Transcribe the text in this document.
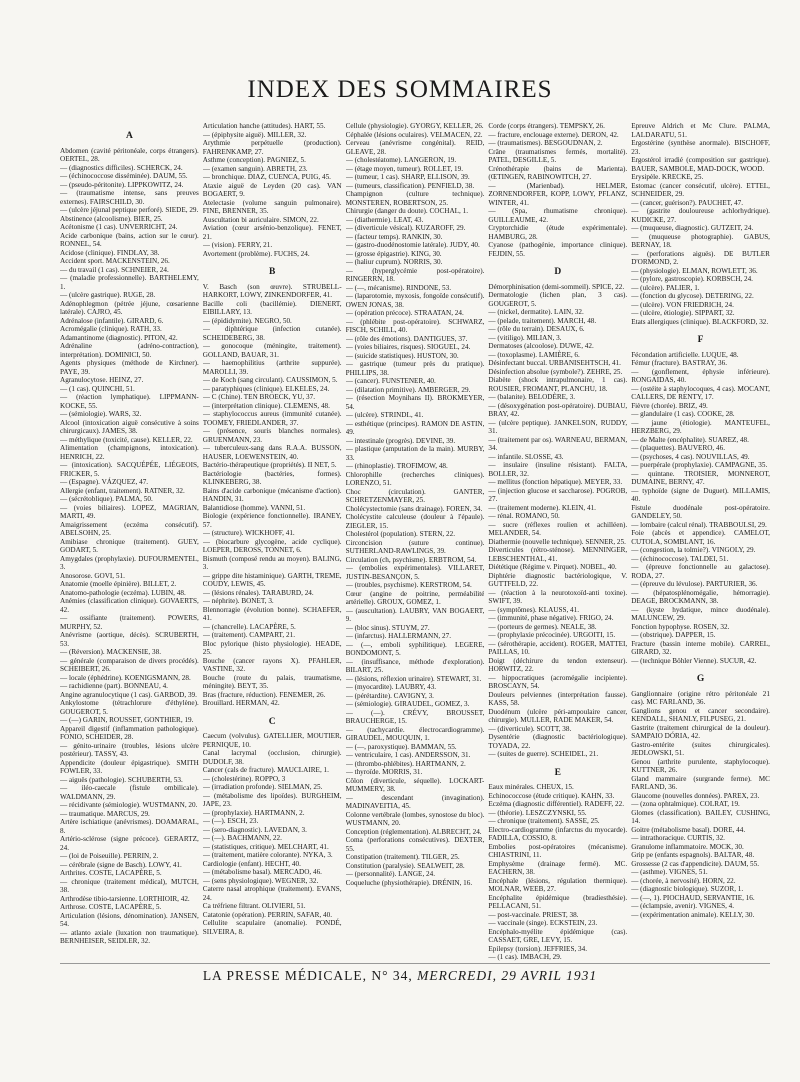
INDEX DES SOMMAIRES
A
Abdomen (cavité péritonéale, corps étrangers). OERTEL, 28.
— (diagnostics difficiles). SCHERCK, 24.
— (échinococcose disséminée). DAUM, 55.
— (pseudo-péritonite). LIPPKOWITZ, 24.
— (traumatisme intense, sans preuves externes). FAIRSCHILD, 30.
— (ulcère jéjunal peptique perforé). SIEDE, 29.
Abstinence (alcoolisme). BIER, 25.
Acétonisme (1 cas). UNVERRICHT, 24.
Acide carbonique (bains, action sur le cœur). RONNEL, 54.
Acidose (clinique). FINDLAY, 38.
Accident sport. MACKENSTEIN, 26.
— du travail (1 cas). SCHNEIER, 24.
— (maladie professionnelle). BARTHELEMY, 1.
— (ulcère gastrique). RUGE, 28.
Adénophlegmon (pétrée jéjune, cœsarienne latérale). CAJRO, 45.
Adrénalose (infantile). GIRARD, 6.
Acromégalie (clinique). RATH, 33.
Adamantinome (diagnostic). PITON, 42.
Adrénaline (adréno-contraction), interprétation). DOMINICI, 50.
Agents physiques (méthode de Kirchner). PAYE, 39.
Agranulocytose. HEINZ, 27.
— (1 cas). QUINCHI, 51.
— (réaction lymphatique). LIPPMANN-KOCKE, 55.
— (sémiologie). WARS, 32.
Alcool (intoxication aiguë consécutive à soins chirurgicaux). JAMES, 38.
— méthylique (toxicité, cause). KELLER, 22.
Alimentation (champignons, intoxication). HENRICH, 22.
— (intoxication). SACQUÉPÉE, LIÉGEOIS, FRICKER, 5.
— (Espagne). VÁZQUEZ, 47.
Allergie (enfant, traitement). RATNER, 32.
— (sécrétoblique). PALMA, 50.
— (voies biliaires). LOPEZ, MAGRIAN, MARTI, 49.
Amaigrissement (eczéma consécutif). ABELSOHN, 25.
Amibiase chronique (traitement). GUEY, GODART, 5.
Amygdales (prophylaxie). DUFOURMENTEL, 3.
Anosorose. GOVI, 51.
Anatomie (moelle épinière). BILLET, 2.
Anatomo-pathologie (eczéma). LUBIN, 48.
Anémies (classification clinique). GOVAERTS, 42.
— ossifiante (traitement). POWERS, MURPHY, 52.
Anévrisme (aortique, décès). SCRUBERTH, 53.
— (Réversion). MACKENSIE, 38.
— générale (comparaison de divers procédés). SCHEIBERT, 26.
— locale (éphédrine). KOENIGSMANN, 28.
— rachidienne (part). BONNEAU, 4.
Angine agranulocytique (1 cas). GARBOD, 39.
Ankylostome (tétrachlorure d'éthylène). GOUGEROT, 5.
— (—) GARIN, ROUSSET, GONTHIER, 19.
Appareil digestif (inflammation pathologique). FONIO, SCHEIDER, 28.
— génito-urinaire (troubles, lésions ulcère postérieur). TASSY, 43.
Appendicite (douleur épigastrique). SMITH FOWLER, 33.
— aiguës (pathologie). SCHUBERTH, 53.
— iléo-caecale (fistule ombilicale). WALDMANN, 29.
— récidivante (sémiologie). WUSTMANN, 20.
— traumatique. MARCUS, 29.
Artère ischiatique (anévrismes). DOAMARAL, 8.
Artério-sclérose (signe précoce). GERARTZ, 24.
— (loi de Poiseuille). PERRIN, 2.
— cérébrale (signe de Basch). LOWY, 41.
Arthrites. COSTE, LACAPÈRE, 5.
— chronique (traitement médical), MUTCH, 38.
Arthrodèse tibio-tarsienne. LORTHIOIR, 42.
Arthrose. COSTE, LACAPÈRE, 5.
Articulation (lésions, dénomination). JANSEN, 54.
— atlanto axiale (luxation non traumatique). BERNHEISER, SEIDLER, 32.
Articulation hanche (attitudes). HART, 55.
— (épiphysite aiguë). MILLER, 32.
Arythmie perpétuelle (production). FAHRENKAMP, 27.
Asthme (conception). PAGNIEZ, 5.
— (examen sanguin). ABRETH, 23.
— bronchique. DIAZ, CUENCA, PUIG, 45.
Ataxie aiguë de Leyden (20 cas). VAN BOGAERT, 9.
Atelectasie (volume sanguin pulmonaire). FINE, BRENNER, 35.
Auscultation bi auriculaire. SIMON, 22.
Aviation (cœur arsénio-benzolique). FENET, 21.
— (vision). FERRY, 21.
Avortement (problème). FUCHS, 24.
B
V. Basch (son œuvre). STRUBELL-HARKORT, LOWY, ZINKENDORFER, 41.
Bacille coli (bacillémie). DIENERT, EIBILLARY, 13.
— (épididymite). NEGRO, 50.
— diphtérique (infection cutanée). SCHEIDEBERG, 38.
— gonocoque (méningite, traitement). GOLLAND, BAUAR, 31.
— haemophilitius (arthrite suppurée). MAROLLI, 39.
— de Koch (sang circulant). CAUSSIMON, 5.
— paratyphiques (clinique). ELKELES, 24.
— C (Chine). TEN BROECK, YU, 37.
— (interprétation clinique). CLEMENS, 48.
— staphylococcus aureus (immunité cutanée). TOOMEY, FRIEDLANDER, 37.
— (présence, souris blanches normales). GRUENMANN, 23.
— tuberculeux-sang dans R.A.A. BUSSON, HAUSER, LOEWENSTEIN, 40.
Bactério-thérapeutique (propriétés). II NET, 5.
Bactériologie (bactéries, formes). KLINKEBERG, 38.
Bains d'acide carbonique (mécanisme d'action). HANDIN, 31.
Balantidiose (homme). VANNI, 51.
Biologie (expérience fonctionnelle). IRANEY, 57.
— (structure). WICKHOFF, 41.
— (biocarbure glycogène, acide cyclique). LOEPER, DEROSS, TONNET, 6.
Bismuth (composé rendu au moyen). BALING, 3.
— grippe dite histaminique). GARTH, TREME, COUDY, LEWIS, 45.
— (lésions rénales). TARABURD, 24.
— néphrite). BONET, 3.
Blennorragie (évolution bonne). SCHAEFER, 41.
— (chancrelle). LACAPÈRE, 5.
— (traitement). CAMPART, 21.
Bloc pylorique (histo physiologie). HEADE, 25.
Bouche (cancer rayons X). PFAHLER, VASTINE, 32.
Bouche (route du palais, traumatisme, méningite). BEYT, 35.
Bras (fracture, réduction). FENEMER, 26.
Brouillard. HERMAN, 42.
C
Caecum (volvulus). GATELLIER, MOUTIER, PERNIQUE, 10.
Canal lacrymal (occlusion, chirurgie). DUDOLF, 38.
Cancer (cals de fracture). MAUCLAIRE, 1.
— (cholestérine). ROPPO, 3
— (irradiation profonde). SIELMAN, 25.
— (métabolisme des lipoïdes). BURGHEIM, JAPE, 23.
— (prophylaxie). HARTMANN, 2.
— (—). ESCH, 23.
— (sero-diagnostic). LAVEDAN, 3.
— (—). BACHMANN, 22.
— (statistiques, critique). MELCHART, 41.
— (traitement, matière colorante). NYKA, 3.
Cardiologie (enfant). HECHT, 40.
— (métabolisme basal). MERCADO, 46.
— (sens physiologique). WEGNER, 32.
Caterre nasal atrophique (traitement). EVANS, 24.
Ca tréfriene filtrant. OLIVIERI, 51.
Catatonie (opération). PERRIN, SAFAR, 40.
Cellulite scapulaire (anomalie). PONDÉ, SILVEIRA, 8.
Cellule (physiologie). GYORGY, KELLER, 26.
Céphalée (lésions oculaires). VELMACEN, 22.
Cerveau (anévrisme congénital). REID, GLEAVE, 28.
— (cholestéatome). LANGERON, 19.
— (étage moyen, tumeur). ROLLET, 19.
— (tumeur, 1 cas). SHARP, ELLISON, 39.
— (tumeurs, classification). PENFIELD, 38.
Champignon (culture technique). MONSTEREN, ROBERTSON, 25.
Chirurgie (danger du doute). COCHAL, 1.
— (diathermie). LEAT, 43.
— (diverticule vésical). KUZAROFF, 29.
— (facteur temps). RANKIN, 30.
— (gastro-duodénostomie latérale). JUDY, 40.
— (grosse épigastrie). KING, 30.
— (haliur cuprum). NORRIS, 30.
— (hyperglycémie post-opératoire). RINGERRN, 18.
— (—, mécanisme). RINDONE, 53.
— (laparotomie, myxosis, fongoïde consécutif). OWEN JONAS, 38.
— (opération précoce). STRAATAN, 24.
— (phlébite post-opératoire). SCHWARZ, FISCH, SCHILL, 40.
— (rôle des émotions). DANTIGUES, 37.
— (voies biliaires, risques). SIOGUEL, 24.
— (suicide statistiques). HUSTON, 30.
— gastrique (tumeur près du pratique). PHILLIPS, 38.
— (cancer). FUNSTENER, 40.
— (dilatation primitive). AMBERGER, 29.
— (résection Moynihans II). BROKMEYER, 54.
— (ulcère). STRINDL, 41.
— esthétique (principes). RAMON DE ASTIN, 49.
— intestinale (progrès). DEVINE, 39.
— plastique (amputation de la main). MURBY, 33.
— (rhinoplastie). TROFIMOW, 48.
Chlorophille (recherches cliniques). LORENZO, 51.
Choc (circulation). GANTER, SCHRETZENMAYER, 25.
Cholécystectomie (sans drainage). FOREN, 34.
Cholécystite calculeuse (douleur à l'épaule). ZIEGLER, 15.
Cholestérol (population). STERN, 22.
Circoncision (suture continue). SUTHERLAND-RAWLINGS, 39.
Circulation (ch, psychisme). ERBTROM, 54.
— (embolies expérimentales). VILLARET, JUSTIN-BESANÇON, 5.
— (troubles, psychisme). KERSTROM, 54.
Cœur (angine de poitrine, perméabilité artérielle). GROUX, GOMEZ, 1.
— (auscultation). LAUBRY, VAN BOGAERT, 9.
— (bloc sinus). STUYM, 27.
— (infarctus). HALLERMANN, 27.
— (—, emboli syphilitique). LEGERE, BONDOMONT, 5.
— (insuffisance, méthode d'exploration). BILART, 25.
— (lésions, réflexion urinaire). STEWART, 31.
— (myocardite). LAUBRY, 43.
— (pérétardite). CAVIGNY, 3.
— (sémiologie). GIRAUDEL, GOMEZ, 3.
— (—). CRÉVY, BROUSSET, BRAUCHERGE, 15.
— (tachycardie. électrocardiogramme). GIRAUDEL, MOUQUIN, 1.
— (—, paroxystique). BAMMAN, 55.
— ventriculaire, 1 cas). ANDERSSON, 31.
— (thrombo-phlébites). HARTMANN, 2.
— thyroïde. MORRIS, 31.
Côlon (diverticule, séquelle). LOCKART-MUMMERY, 38.
— descendant (invagination). MADINAVEITIA, 45.
Colonne vertébrale (lombes, synostose du bloc). WUSTMANN, 20.
Conception (réglementation). ALBRECHT, 24.
Coma (perforations consécutives). DEXTER, 55.
Constipation (traitement). TILGER, 25.
Constitution (paralysie). SEALWEIT, 28.
— (personnalité). LANGE, 24.
Coqueluche (physiothérapie). DRÉNIN, 16.
Corde (corps étrangers). TEMPSKY, 26.
— fracture, enclouage externe). DERON, 42.
— (traumatismes). BESGOUDNAN, 2.
Crâne (traumatismes fermés, mortalité). PATEL, DESGILLE, 5.
Crénothérapie (bains de Marienta). (ŒTINGEN, RABINOWITCH, 27.
— (Marienbad). HELMER, ZORNENDORFER, KOPP, LOWY, PFLANZ, WINTER, 41.
— (Spa, rhumatisme chronique). GUILLEAUME, 42.
Cryptorchidie (étude expérimentale). HAMBURG, 28.
Cyanose (pathogénie, importance clinique). FEJDIN, 55.
D
Démorphinisation (demi-sommeil). SPICE, 22.
Dermatologie (lichen plan, 3 cas). GOUGEROT, 5.
— (nickel, dermatite). LAIN, 32.
— (pelade, traitement). MARCH, 48.
— (rôle du terrain). DESAUX, 6.
— (vitiligo). MILIAN, 3.
Dermatoses (alcoolose). DUWE, 42.
— (toxoplasme). LAMIÈRE, 6.
Désinfectant buccal. URBANISEHTSCH, 41.
Désinfection absolue (symbole?). ZEHRE, 25.
Diabète (shock intrapulmonaire, 1 cas). ROUSIER, FROMANT, PLANCHU, 18.
— (balanite). BELODÈRE, 3.
— (désoxygénation post-opératoire). DUBIAU, BRAY, 42.
— (ulcère peptique). JANKELSON, RUDDY, 31.
— (traitement par os). WARNEAU, BERMAN, 34.
— infantile. SLOSSE, 43.
— insulaire (insuline résistant). FALTA, BOLLER, 32.
— mellitus (fonction hépatique). MEYER, 33.
— (injection glucose et saccharose). POGROB, 27.
— (traitement moderne). KLEIN, 41.
— rénal. ROMANO, 50.
— sucre (réflexes roulien et achilléen). MELANDER, 54.
Diathermie (nouvelle technique). SENNER, 25.
Diverticules (rétro-sténose). MENNINGER, LEBSCHENTHAL, 41.
Diététique (Régime v. Pirquet). NOBEL, 40.
Diphtérie diagnostic bactériologique, V. GUTTFELD, 22.
— (réaction à la neurotoxoïd-anti toxine). SWIFT, 39.
— (symptômes). KLAUSS, 41.
— (immunité, phase négative). FRIGO, 24.
— (porteurs de germes). NEALE, 38.
— (prophylaxie précocinée). URGOITI, 15.
— (sérothérapie, accident). ROGER, MATTEI, PAILLAS, 10.
Doigt (déchirure du tendon extenseur). HORWITZ, 22.
— hippocratiques (acromégalie incipiente). BROSCAYN, 54.
Douleurs pelviennes (interprétation fausse). KASS, 58.
Duodénum (ulcère péri-ampoulaire cancer, chirurgie). MULLER, RADE MAKER, 54.
— (diverticule). SCOTT, 38.
Dysentérie (diagnostic bactériologique). TOYADA, 22.
— (suites de guerre). SCHEIDEL, 21.
E
Eaux minérales. CHEUX, 15.
Echinococcose (étude critique). KAHN, 33.
Eczéma (diagnostic différentiel). RADEFF, 22.
— (théorie). LESZCZYNSKI, 55.
— chronique (traitement). SASSE, 25.
Electro-cardiogramme (infarctus du myocarde). FADILLA, COSSIO, 8.
Embolies post-opératoires (mécanisme). CHIASTRINI, 11.
Emphysème (drainage fermé). MC. EACHERN, 38.
Encéphale (lésions, régulation thermique). MOLNAR, WEEB, 27.
Encéphalite épidémique (bradiesthésie). PELLACANI, 51.
— post-vaccinale. PRIEST, 38.
— vaccinale (singe). ECKSTEIN, 23.
Encéphalo-myélite épidémique (cas). CASSAET, GRE, LEVY, 15.
Epilepsy (torsion). JEFFRIES, 34.
— (1 cas). IMBACH, 29.
Epreuve Aldrich et Mc Clure. PALMA, LALDARATU, 51.
Ergostérine (synthèse anormale). BISCHOFF, 23.
Ergostérol irradié (composition sur gastrique). BAUER, SAMBOLE, MAD-DOCK, WOOD.
Erysipèle. KRECKE, 25.
Estomac (cancer consécutif, ulcère). ETTEL, SCHNEIDER, 29.
— (cancer, guérison?). PAUCHET, 47.
— (gastrite douloureuse achlorhydrique). KUDICKE, 27.
— (muqueuse, diagnostic). GUTZEIT, 24.
— (muqueuse photographie). GABUS, BERNAY, 18.
— (perforations aiguës). DE BUTLER D'ORMOND, 2.
— (physiologie). ELMAN, ROWLETT, 36.
— (pylore, gastroscopie). KORBSCH, 24.
— (ulcère). PALIER, 1.
— (fonction du glycose). DETERING, 22.
— (ulcère). VON FRIEDRICH, 24.
— (ulcère, étiologie). SIPPART, 32.
Etats allergiques (clinique). BLACKFORD, 32.
F
Fécondation artificielle. LUQUE, 48.
Fémur (fracture). BASTRAY, 36.
— (gonflement, éphysie inférieure). RONGAIDAS, 40.
— (ostéite à staphylocoques, 4 cas). MOCANT, CALLERS, DE RENTY, 17.
Fièvre (chorée). BRIZ, 49.
— glandulaire (1 cas). COOKE, 28.
— jaune (étiologie). MANTEUFEL, HERZBERG, 29.
— de Malte (encéphalite). SUAREZ, 48.
— (plaquettes). BAUVERO, 46.
— (psychoses, 4 cas). NOUVILLAS, 49.
— puerpérale (prophylaxie). CAMPAGNE, 35.
— quintane. TROISIER, MONNEROT, DUMAINE, BERNY, 47.
— typhoïde (signe de Duguet). MILLAMIS, 40.
Fistule duodénale post-opératoire. GANDELEY, 50.
— lombaire (calcul rénal). TRABBOULSI, 29.
Foie (abcès et appendice). CAMELOT, CUTOLA, SOMBLANT, 16.
— (congestion, la tolmie?). VINGOLY, 29.
— (échinococcose). TALDEI, 51.
— (épreuve fonctionnelle au galactose). RODA, 27.
— (épreuve du lévulose). PARTURIER, 36.
— (hépatosplénomégalie, hémorragie). DEAGE, BROCKMANN, 38.
— (kyste hydatique, mince duodénale). MALUNCEW, 29.
Fonction hypophyse. ROSEN, 32.
— (obstrique). DAPPER, 15.
Fracture (bassin interne mobile). CARREL, GIRARD, 32.
— (technique Böhler Vienne). SUCUR, 42.
G
Ganglionnaire (origine rétro péritonéale 21 cas). MC FARLAND, 36.
Ganglions genou et cancer secondaire). KENDALL, SHANLY, FILPUSEG, 21.
Gastrite (traitement chirurgical de la douleur). SAMPAIO DÓRIA, 42.
Gastro-entérite (suites chirurgicales). JEDLOWSKI, 51.
Genou (arthrite purulente, staphylocoque). KUTTNER, 26.
Gland mammaire (surgrande ferme). MC FARLAND, 36.
Glaucome (nouvelles données). PAREX, 23.
— (zona ophtalmique). COLRAT, 19.
Glomes (classification). BAILEY, CUSHING, 14.
Goitre (métabolisme basal). DORE, 44.
— intrathoracique. CURTIS, 32.
Granulome inflammatoire. MOCK, 30.
Grip pe (enfants espagnols). BALTAR, 48.
Grossesse (2 cas d'appendicite). DAUM, 55.
— (asthme). VIGNES, 51.
— (chorée, à nervosité). HORN, 22.
— (diagnostic biologique). SUZOR, 1.
— (—, 1). PIOCHAUD, SERVANTIE, 16.
— (éclampsie, avenir). VIGNES, 4.
— (expérimentation animale). KELLY, 30.
LA PRESSE MÉDICALE, N° 34, MERCREDI, 29 AVRIL 1931
